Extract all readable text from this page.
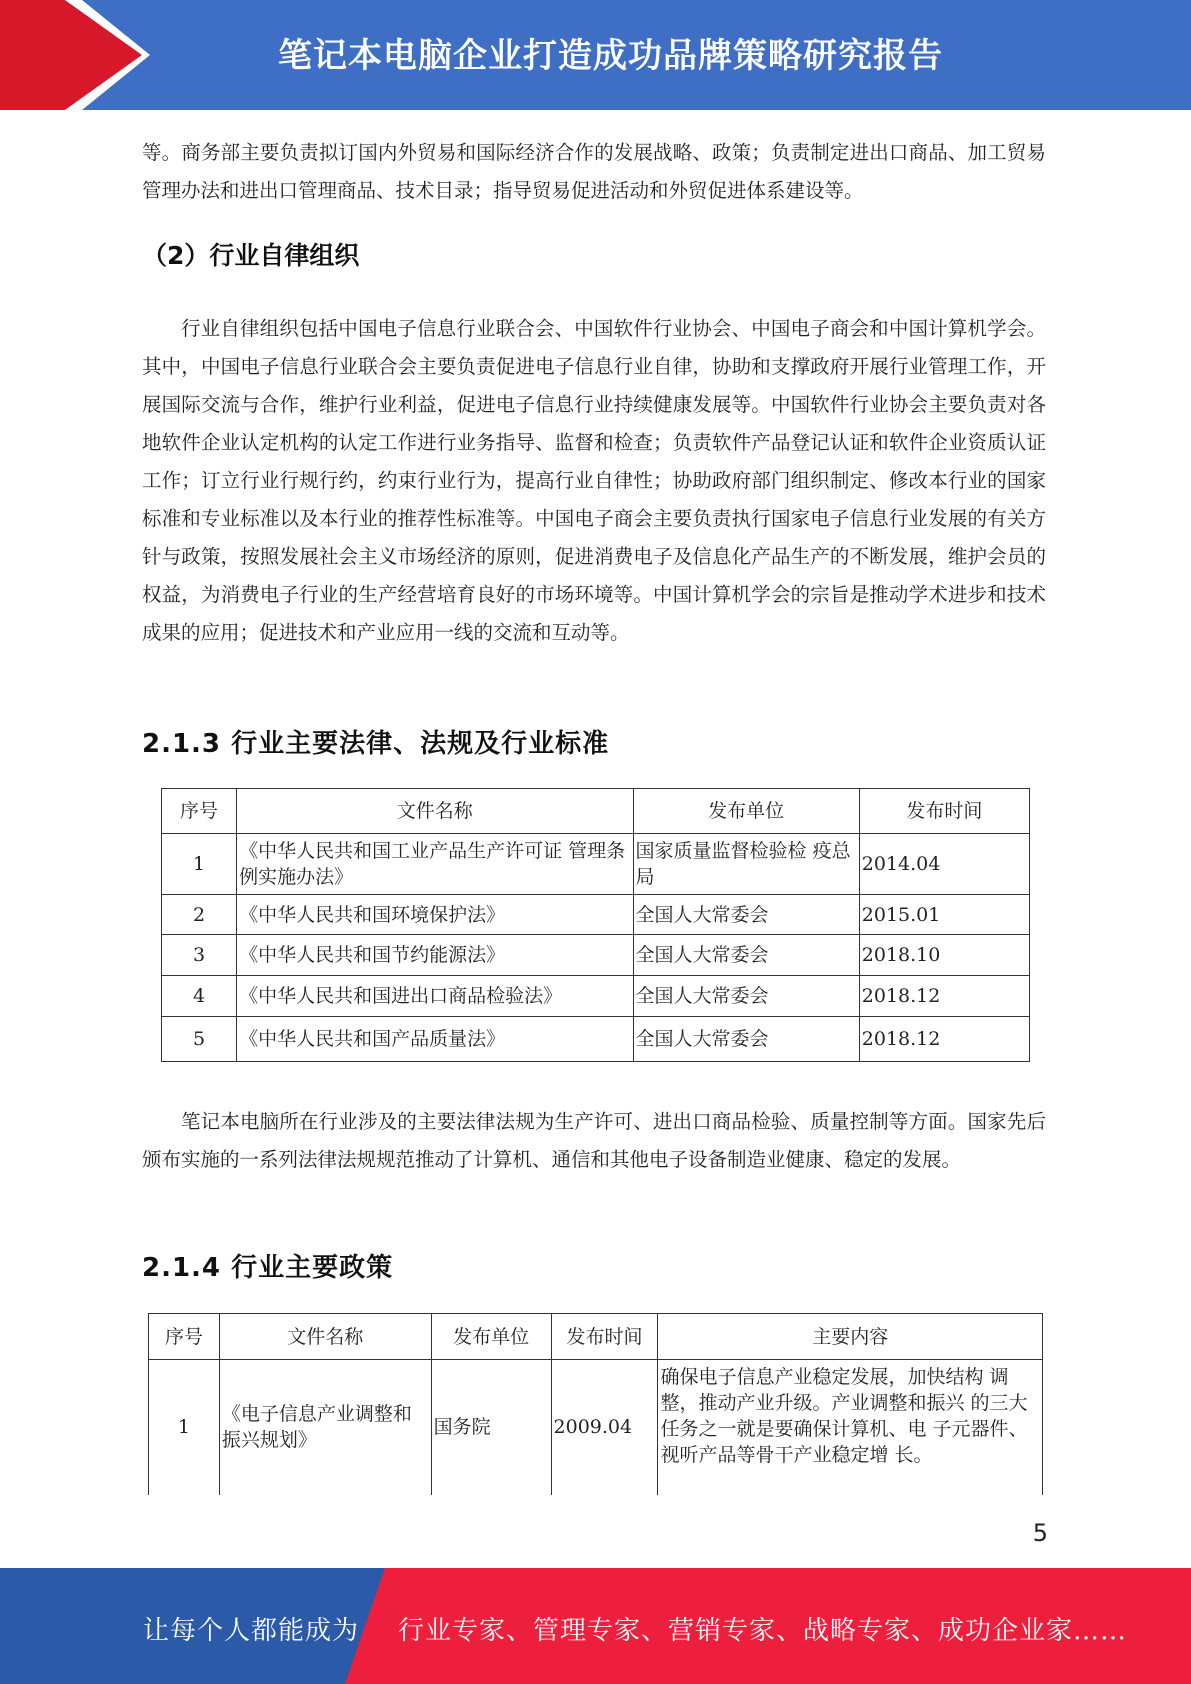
笔记本电脑企业打造成功品牌策略研究报告

等。商务部主要负责拟订国内外贸易和国际经济合作的发展战略、政策；负责制定进出口商品、加工贸易管理办法和进出口管理商品、技术目录；指导贸易促进活动和外贸促进体系建设等。

（2）行业自律组织

行业自律组织包括中国电子信息行业联合会、中国软件行业协会、中国电子商会和中国计算机学会。其中，中国电子信息行业联合会主要负责促进电子信息行业自律，协助和支撑政府开展行业管理工作，开展国际交流与合作，维护行业利益，促进电子信息行业持续健康发展等。中国软件行业协会主要负责对各地软件企业认定机构的认定工作进行业务指导、监督和检查；负责软件产品登记认证和软件企业资质认证工作；订立行业行规行约，约束行业行为，提高行业自律性；协助政府部门组织制定、修改本行业的国家标准和专业标准以及本行业的推荐性标准等。中国电子商会主要负责执行国家电子信息行业发展的有关方针与政策，按照发展社会主义市场经济的原则，促进消费电子及信息化产品生产的不断发展，维护会员的权益，为消费电子行业的生产经营培育良好的市场环境等。中国计算机学会的宗旨是推动学术进步和技术成果的应用；促进技术和产业应用一线的交流和互动等。

2.1.3 行业主要法律、法规及行业标准
序号	文件名称	发布单位	发布时间
1	《中华人民共和国工业产品生产许可证 管理条例实施办法》	国家质量监督检验检 疫总局	2014.04
2	《中华人民共和国环境保护法》	全国人大常委会	2015.01
3	《中华人民共和国节约能源法》	全国人大常委会	2018.10
4	《中华人民共和国进出口商品检验法》	全国人大常委会	2018.12
5	《中华人民共和国产品质量法》	全国人大常委会	2018.12

笔记本电脑所在行业涉及的主要法律法规为生产许可、进出口商品检验、质量控制等方面。国家先后颁布实施的一系列法律法规规范推动了计算机、通信和其他电子设备制造业健康、稳定的发展。

2.1.4 行业主要政策
序号	文件名称	发布单位	发布时间	主要内容
1	《电子信息产业调整和振兴规划》	国务院	2009.04	确保电子信息产业稳定发展，加快结构 调整，推动产业升级。产业调整和振兴 的三大任务之一就是要确保计算机、电 子元器件、视听产品等骨干产业稳定增 长。
5
让每个人都能成为 行业专家、管理专家、营销专家、战略专家、成功企业家……
